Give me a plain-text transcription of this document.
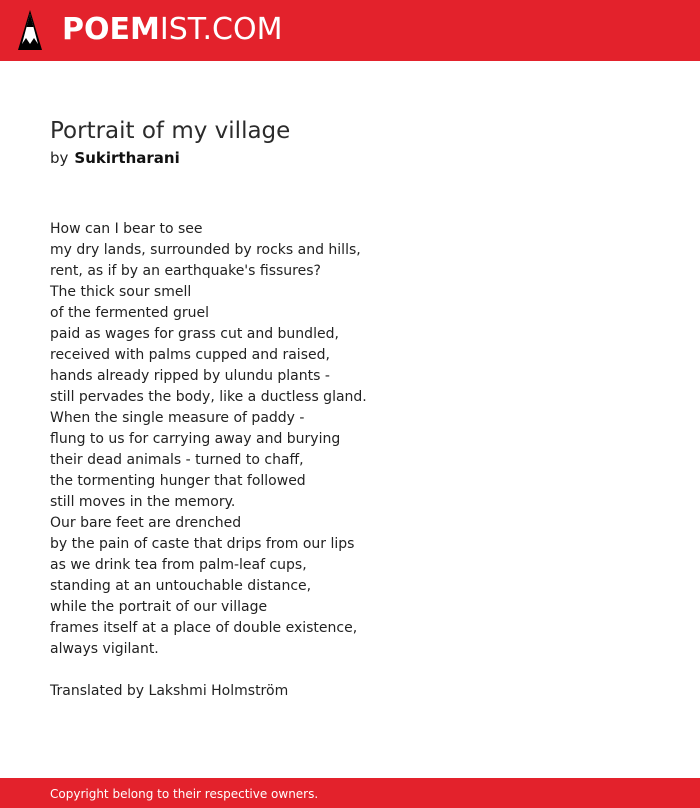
POEMIST.COM
Portrait of my village
by Sukirtharani
How can I bear to see
my dry lands, surrounded by rocks and hills,
rent, as if by an earthquake's fissures?
The thick sour smell
of the fermented gruel
paid as wages for grass cut and bundled,
received with palms cupped and raised,
hands already ripped by ulundu plants -
still pervades the body, like a ductless gland.
When the single measure of paddy -
flung to us for carrying away and burying
their dead animals - turned to chaff,
the tormenting hunger that followed
still moves in the memory.
Our bare feet are drenched
by the pain of caste that drips from our lips
as we drink tea from palm-leaf cups,
standing at an untouchable distance,
while the portrait of our village
frames itself at a place of double existence,
always vigilant.
Translated by Lakshmi Holmström
Copyright belong to their respective owners.
